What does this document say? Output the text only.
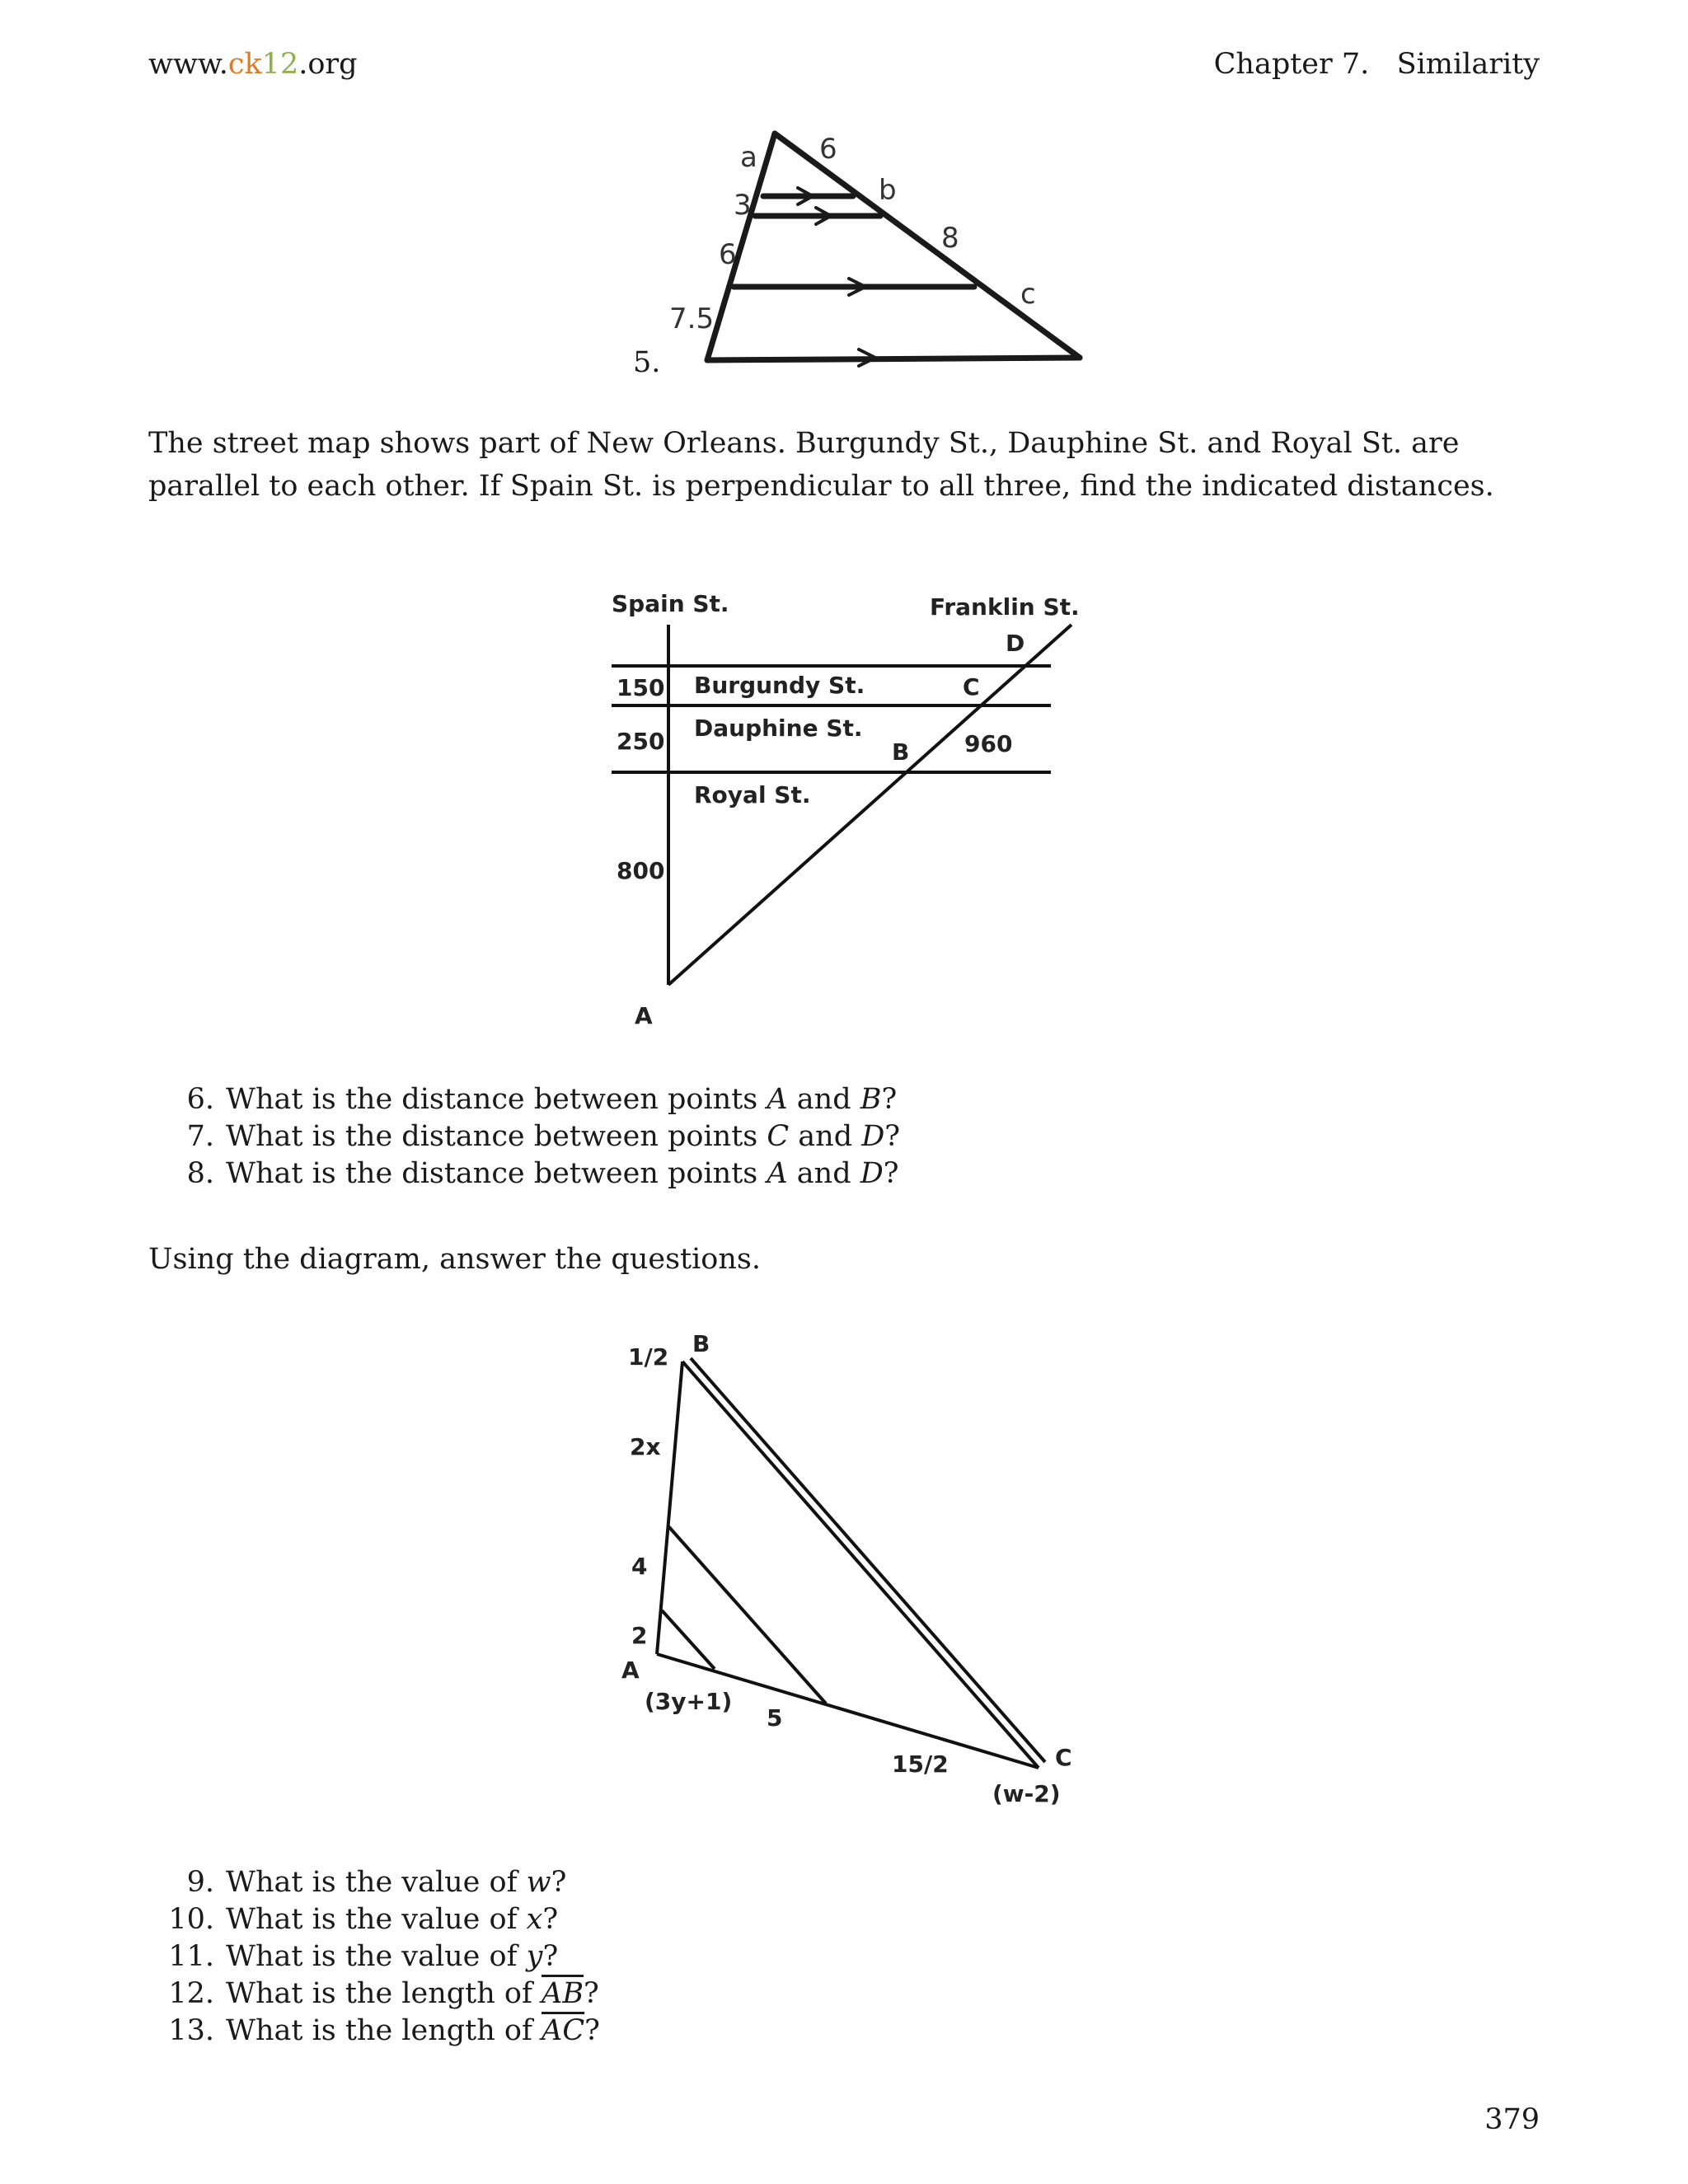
www.ck12.org	Chapter 7.   Similarity
5.
a
3
6
7.5
6
b
8
c
The street map shows part of New Orleans. Burgundy St., Dauphine St. and Royal St. are parallel to each other. If Spain St. is perpendicular to all three, find the indicated distances.
Spain St.	Franklin St.
D
150 Burgundy St.	C
250 Dauphine St.
B 960
Royal St.
800
A
6. What is the distance between points A and B?
7. What is the distance between points C and D?
8. What is the distance between points A and D?
Using the diagram, answer the questions.
1/2 B
2x
4
2
A
(3y+1)
5
15/2	C
(w-2)
9. What is the value of w?
10. What is the value of x?
11. What is the value of y?
12. What is the length of $\overline{AB}$?
13. What is the length of $\overline{AC}$?
379
